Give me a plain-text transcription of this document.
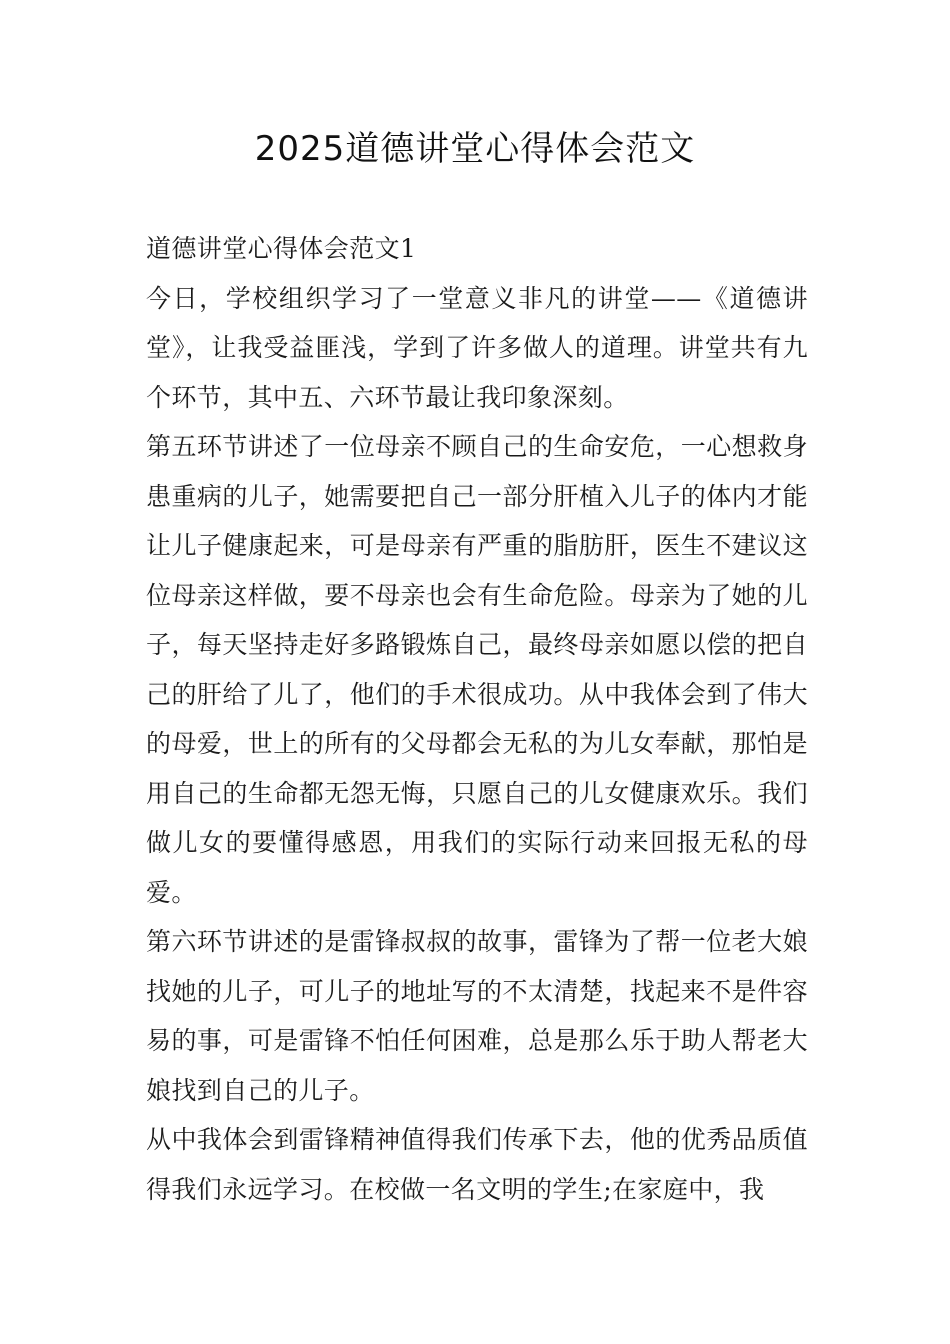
2025道德讲堂心得体会范文

道德讲堂心得体会范文1

今日，学校组织学习了一堂意义非凡的讲堂——《道德讲堂》，让我受益匪浅，学到了许多做人的道理。讲堂共有九个环节，其中五、六环节最让我印象深刻。

第五环节讲述了一位母亲不顾自己的生命安危，一心想救身患重病的儿子，她需要把自己一部分肝植入儿子的体内才能让儿子健康起来，可是母亲有严重的脂肪肝，医生不建议这位母亲这样做，要不母亲也会有生命危险。母亲为了她的儿子，每天坚持走好多路锻炼自己，最终母亲如愿以偿的把自己的肝给了儿了，他们的手术很成功。从中我体会到了伟大的母爱，世上的所有的父母都会无私的为儿女奉献，那怕是用自己的生命都无怨无悔，只愿自己的儿女健康欢乐。我们做儿女的要懂得感恩，用我们的实际行动来回报无私的母爱。

第六环节讲述的是雷锋叔叔的故事，雷锋为了帮一位老大娘找她的儿子，可儿子的地址写的不太清楚，找起来不是件容易的事，可是雷锋不怕任何困难，总是那么乐于助人帮老大娘找到自己的儿子。

从中我体会到雷锋精神值得我们传承下去，他的优秀品质值得我们永远学习。在校做一名文明的学生;在家庭中，我
